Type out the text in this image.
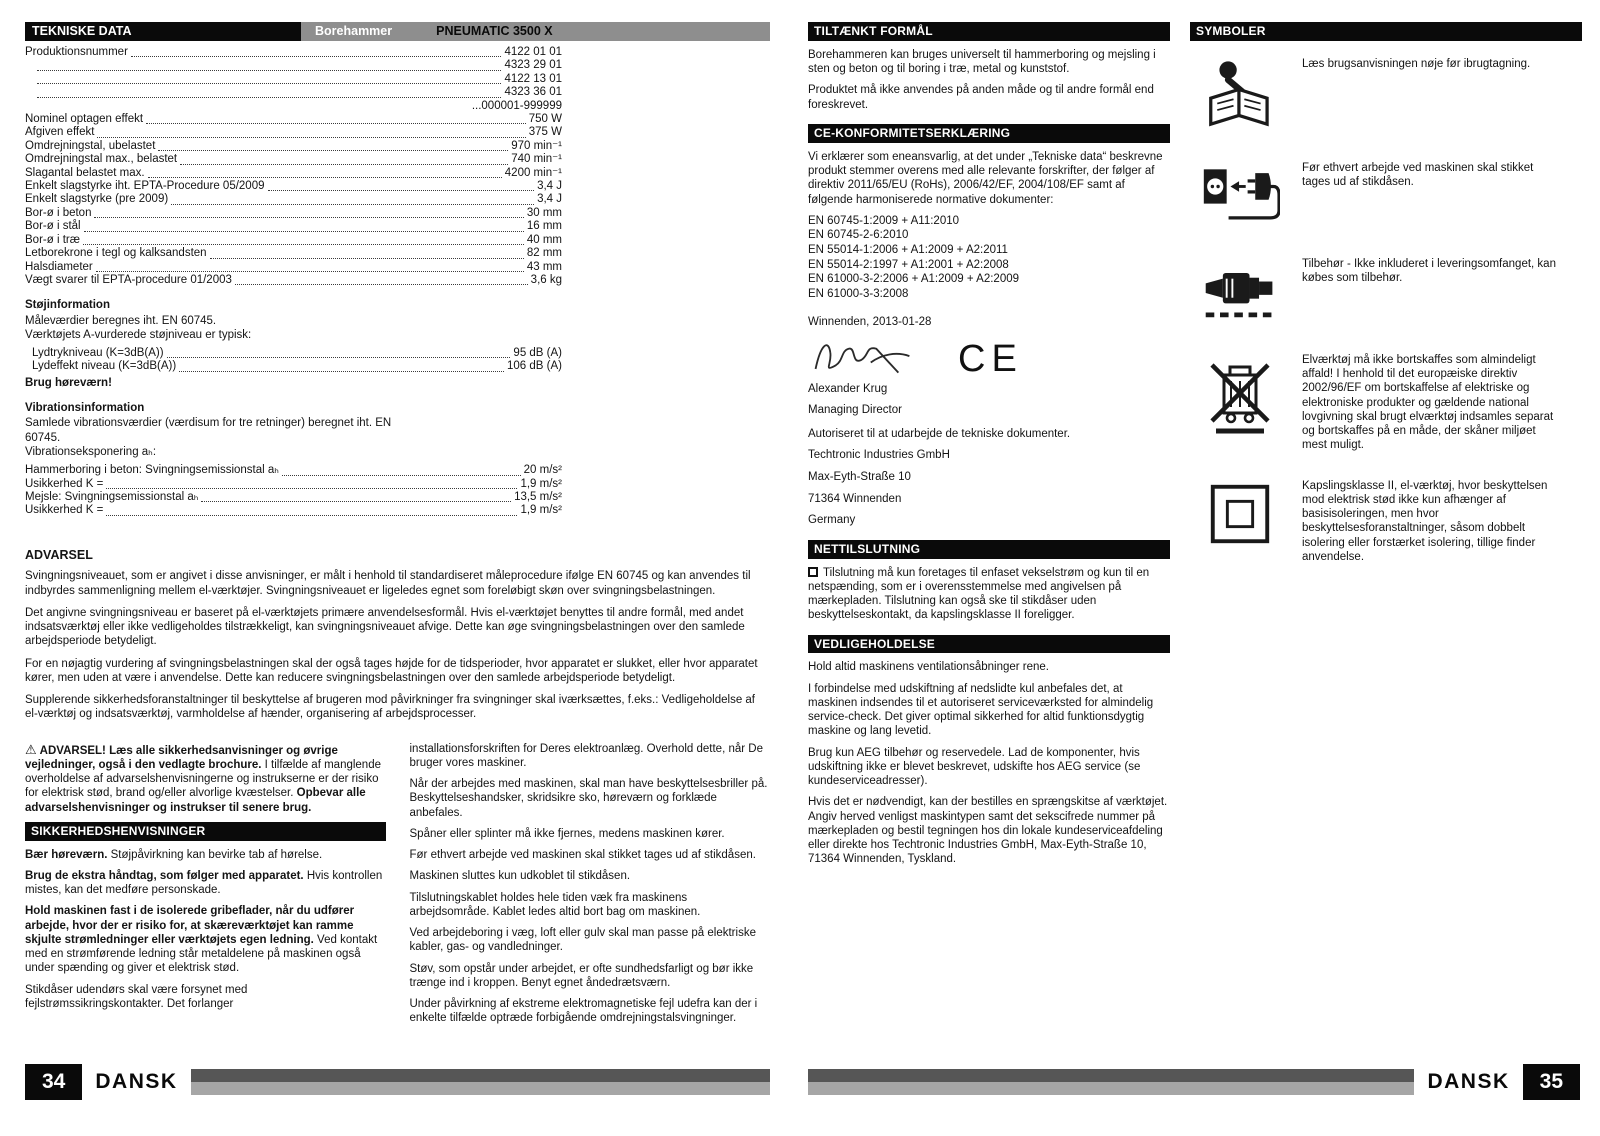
TEKNISKE DATA	Borehammer	PNEUMATIC 3500 X
Produktionsnummer	4122 01 01
4323 29 01
4122 13 01
4323 36 01
...000001-999999
Nominel optagen effekt	750 W
Afgiven effekt	375 W
Omdrejningstal, ubelastet	970 min⁻¹
Omdrejningstal max., belastet	740 min⁻¹
Slagantal belastet max.	4200 min⁻¹
Enkelt slagstyrke iht. EPTA-Procedure 05/2009	3,4 J
Enkelt slagstyrke (pre 2009)	3,4 J
Bor-ø i beton	30 mm
Bor-ø i stål	16 mm
Bor-ø i træ	40 mm
Letborekrone i tegl og kalksandsten	82 mm
Halsdiameter	43 mm
Vægt svarer til EPTA-procedure 01/2003	3,6 kg
Støjinformation

Måleværdier beregnes iht. EN 60745.

Værktøjets A-vurderede støjniveau er typisk:

Lydtrykniveau (K=3dB(A))	95 dB (A)
Lydeffekt niveau (K=3dB(A))	106 dB (A)

Brug høreværn!

Vibrationsinformation

Samlede vibrationsværdier (værdisum for tre retninger) beregnet iht. EN 60745.

Vibrationseksponering aₕ:

Hammerboring i beton: Svingningsemissionstal aₕ	20 m/s²
Usikkerhed K =	1,9 m/s²
Mejsle: Svingningsemissionstal aₕ	13,5 m/s²
Usikkerhed K =	1,9 m/s²
ADVARSEL

Svingningsniveauet, som er angivet i disse anvisninger, er målt i henhold til standardiseret måleprocedure ifølge EN 60745 og kan anvendes til indbyrdes sammenligning mellem el-værktøjer. Svingningsniveauet er ligeledes egnet som foreløbigt skøn over svingningsbelastningen.

Det angivne svingningsniveau er baseret på el-værktøjets primære anvendelsesformål. Hvis el-værktøjet benyttes til andre formål, med andet indsatsværktøj eller ikke vedligeholdes tilstrækkeligt, kan svingningsniveauet afvige. Dette kan øge svingningsbelastningen over den samlede arbejdsperiode betydeligt.

For en nøjagtig vurdering af svingningsbelastningen skal der også tages højde for de tidsperioder, hvor apparatet er slukket, eller hvor apparatet kører, men uden at være i anvendelse. Dette kan reducere svingningsbelastningen over den samlede arbejdsperiode betydeligt.

Supplerende sikkerhedsforanstaltninger til beskyttelse af brugeren mod påvirkninger fra svingninger skal iværksættes, f.eks.: Vedligeholdelse af el-værktøj og indsatsværktøj, varmholdelse af hænder, organisering af arbejdsprocesser.

⚠ ADVARSEL! Læs alle sikkerhedsanvisninger og øvrige vejledninger, også i den vedlagte brochure. I tilfælde af manglende overholdelse af advarselshenvisningerne og instrukserne er der risiko for elektrisk stød, brand og/eller alvorlige kvæstelser. Opbevar alle advarselshenvisninger og instrukser til senere brug.

SIKKERHEDSHENVISNINGER

Bær høreværn. Støjpåvirkning kan bevirke tab af hørelse.

Brug de ekstra håndtag, som følger med apparatet. Hvis kontrollen mistes, kan det medføre personskade.

Hold maskinen fast i de isolerede gribeflader, når du udfører arbejde, hvor der er risiko for, at skæreværktøjet kan ramme skjulte strømledninger eller værktøjets egen ledning. Ved kontakt med en strømførende ledning står metaldelene på maskinen også under spænding og giver et elektrisk stød.

Stikdåser udendørs skal være forsynet med fejlstrømssikringskontakter. Det forlanger

installationsforskriften for Deres elektroanlæg. Overhold dette, når De bruger vores maskiner.

Når der arbejdes med maskinen, skal man have beskyttelsesbriller på. Beskyttelseshandsker, skridsikre sko, høreværn og forklæde anbefales.

Spåner eller splinter må ikke fjernes, medens maskinen kører.

Før ethvert arbejde ved maskinen skal stikket tages ud af stikdåsen.

Maskinen sluttes kun udkoblet til stikdåsen.

Tilslutningskablet holdes hele tiden væk fra maskinens arbejdsområde. Kablet ledes altid bort bag om maskinen.

Ved arbejdeboring i væg, loft eller gulv skal man passe på elektriske kabler, gas- og vandledninger.

Støv, som opstår under arbejdet, er ofte sundhedsfarligt og bør ikke trænge ind i kroppen. Benyt egnet åndedrætsværn.

Under påvirkning af ekstreme elektromagnetiske fejl udefra kan der i enkelte tilfælde optræde forbigående omdrejningstalsvingninger.

TILTÆNKT FORMÅL

Borehammeren kan bruges universelt til hammerboring og mejsling i sten og beton og til boring i træ, metal og kunststof.

Produktet må ikke anvendes på anden måde og til andre formål end foreskrevet.

CE-KONFORMITETSERKLÆRING

Vi erklærer som eneansvarlig, at det under „Tekniske data“ beskrevne produkt stemmer overens med alle relevante forskrifter, der følger af direktiv 2011/65/EU (RoHs), 2006/42/EF, 2004/108/EF samt af følgende harmoniserede normative dokumenter:

EN 60745-1:2009 + A11:2010
EN 60745-2-6:2010
EN 55014-1:2006 + A1:2009 + A2:2011
EN 55014-2:1997 + A1:2001 + A2:2008
EN 61000-3-2:2006 + A1:2009 + A2:2009
EN 61000-3-3:2008

Winnenden, 2013-01-28

CE

Alexander Krug

Managing Director

Autoriseret til at udarbejde de tekniske dokumenter.

Techtronic Industries GmbH

Max-Eyth-Straße 10

71364 Winnenden

Germany

NETTILSLUTNING

Tilslutning må kun foretages til enfaset vekselstrøm og kun til en netspænding, som er i overensstemmelse med angivelsen på mærkepladen. Tilslutning kan også ske til stikdåser uden beskyttelseskontakt, da kapslingsklasse II foreligger.

VEDLIGEHOLDELSE

Hold altid maskinens ventilationsåbninger rene.

I forbindelse med udskiftning af nedslidte kul anbefales det, at maskinen indsendes til et autoriseret serviceværksted for almindelig service-check. Det giver optimal sikkerhed for altid funktionsdygtig maskine og lang levetid.

Brug kun AEG tilbehør og reservedele. Lad de komponenter, hvis udskiftning ikke er blevet beskrevet, udskifte hos AEG service (se kundeserviceadresser).

Hvis det er nødvendigt, kan der bestilles en sprængskitse af værktøjet. Angiv herved venligst maskintypen samt det sekscifrede nummer på mærkepladen og bestil tegningen hos din lokale kundeserviceafdeling eller direkte hos Techtronic Industries GmbH, Max-Eyth-Straße 10, 71364 Winnenden, Tyskland.

SYMBOLER
Læs brugsanvisningen nøje før ibrugtagning.
Før ethvert arbejde ved maskinen skal stikket tages ud af stikdåsen.
Tilbehør - Ikke inkluderet i leveringsomfanget, kan købes som tilbehør.
Elværktøj må ikke bortskaffes som almindeligt affald! I henhold til det europæiske direktiv 2002/96/EF om bortskaffelse af elektriske og elektroniske produkter og gældende national lovgivning skal brugt elværktøj indsamles separat og bortskaffes på en måde, der skåner miljøet mest muligt.
Kapslingsklasse II, el-værktøj, hvor beskyttelsen mod elektrisk stød ikke kun afhænger af basisisoleringen, men hvor beskyttelsesforanstaltninger, såsom dobbelt isolering eller forstærket isolering, tillige finder anvendelse.
34	DANSK	DANSK	35
